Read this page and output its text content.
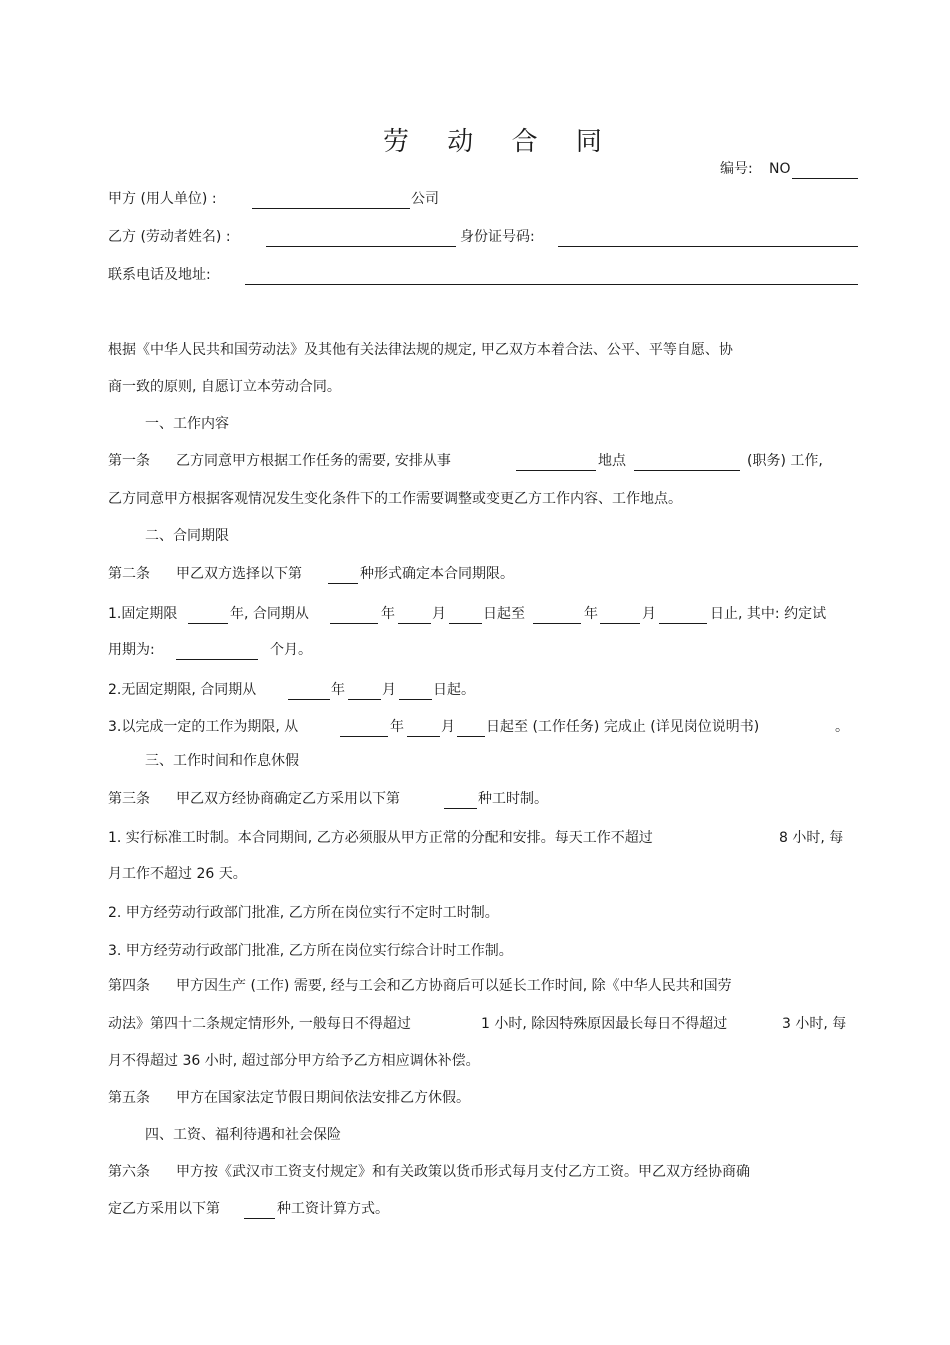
劳 动 合 同
编号: NO
甲方 (用人单位) :	公司
乙方 (劳动者姓名) :	身份证号码:
联系电话及地址:
根据《中华人民共和国劳动法》及其他有关法律法规的规定, 甲乙双方本着合法、公平、平等自愿、协
商一致的原则, 自愿订立本劳动合同。
一、工作内容
第一条 乙方同意甲方根据工作任务的需要, 安排从事	地点	(职务) 工作,
乙方同意甲方根据客观情况发生变化条件下的工作需要调整或变更乙方工作内容、工作地点。
二、合同期限
第二条 甲乙双方选择以下第	种形式确定本合同期限。
1.固定期限	年, 合同期从	年	月	日起至	年	月	日止, 其中: 约定试
用期为:	个月。
2.无固定期限, 合同期从	年	月	日起。
3.以完成一定的工作为期限, 从	年	月 日起至 (工作任务) 完成止 (详见岗位说明书)	。
三、工作时间和作息休假
第三条 甲乙双方经协商确定乙方采用以下第	种工时制。
1. 实行标准工时制。本合同期间, 乙方必须服从甲方正常的分配和安排。每天工作不超过	8 小时, 每
月工作不超过 26 天。
2. 甲方经劳动行政部门批准, 乙方所在岗位实行不定时工时制。
3. 甲方经劳动行政部门批准, 乙方所在岗位实行综合计时工作制。
第四条 甲方因生产 (工作) 需要, 经与工会和乙方协商后可以延长工作时间, 除《中华人民共和国劳
动法》第四十二条规定情形外, 一般每日不得超过	1 小时, 除因特殊原因最长每日不得超过	3 小时, 每
月不得超过 36 小时, 超过部分甲方给予乙方相应调休补偿。
第五条 甲方在国家法定节假日期间依法安排乙方休假。
四、工资、福利待遇和社会保险
第六条 甲方按《武汉市工资支付规定》和有关政策以货币形式每月支付乙方工资。甲乙双方经协商确
定乙方采用以下第	种工资计算方式。
